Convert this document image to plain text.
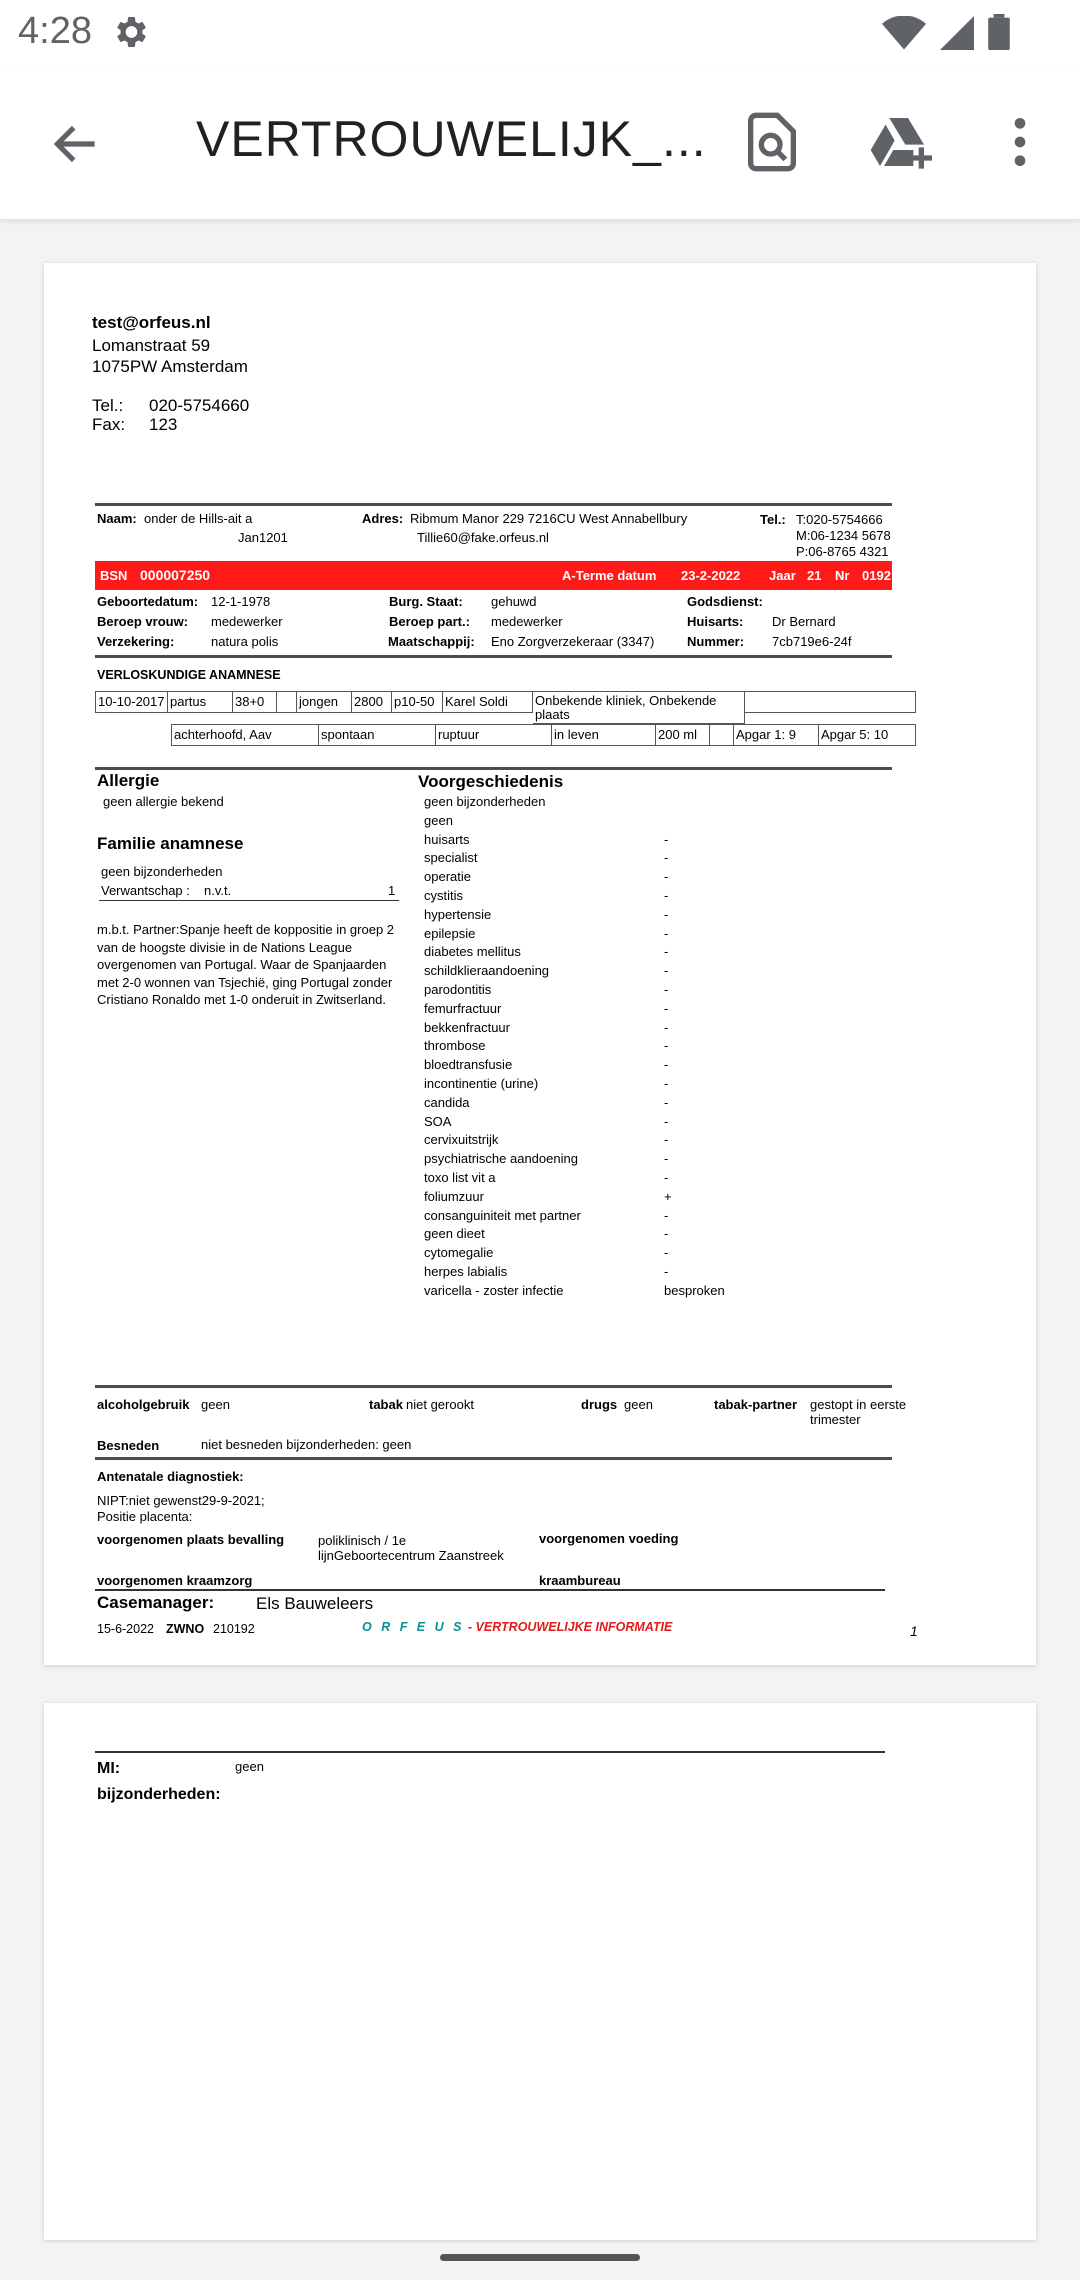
4:28
VERTROUWELIJK_...
test@orfeus.nl
Lomanstraat 59
1075PW Amsterdam
Tel.: 020-5754660
Fax: 123
Naam: onder de Hills-ait a
Jan1201
Adres: Ribmum Manor 229 7216CU West Annabellbury
Tillie60@fake.orfeus.nl
Tel.: T:020-5754666
M:06-1234 5678
P:06-8765 4321
BSN 000007250	A-Terme datum 23-2-2022 Jaar 21 Nr 0192
Geboortedatum: 12-1-1978	Burg. Staat: gehuwd	Godsdienst:
Beroep vrouw: medewerker	Beroep part.: medewerker	Huisarts: Dr Bernard
Verzekering:	natura polis	Maatschappij: Eno Zorgverzekeraar (3347)	Nummer: 7cb719e6-24f
VERLOSKUNDIGE ANAMNESE
10-10-2017 partus	38+0	jongen	2800 p10-50 Karel Soldi	Onbekende kliniek, Onbekende plaats
achterhoofd, Aav	spontaan	ruptuur	in leven	200 ml	Apgar 1: 9	Apgar 5: 10
Allergie
geen allergie bekend
Familie anamnese
geen bijzonderheden
Verwantschap : n.v.t.	1
m.b.t. Partner:Spanje heeft de koppositie in groep 2
van de hoogste divisie in de Nations League
overgenomen van Portugal. Waar de Spanjaarden
met 2-0 wonnen van Tsjechië, ging Portugal zonder
Cristiano Ronaldo met 1-0 onderuit in Zwitserland.
Voorgeschiedenis
geen bijzonderheden
geen
huisarts	-
specialist	-
operatie	-
cystitis	-
hypertensie	-
epilepsie	-
diabetes mellitus	-
schildklieraandoening	-
parodontitis	-
femurfractuur	-
bekkenfractuur	-
thrombose	-
bloedtransfusie	-
incontinentie (urine)	-
candida	-
SOA	-
cervixuitstrijk	-
psychiatrische aandoening	-
toxo list vit a	-
foliumzuur	+
consanguiniteit met partner	-
geen dieet	-
cytomegalie	-
herpes labialis	-
varicella - zoster infectie	besproken
alcoholgebruik geen	tabak niet gerookt	drugs geen	tabak-partner gestopt in eerste
trimester
Besneden	niet besneden bijzonderheden: geen
Antenatale diagnostiek:
NIPT:niet gewenst29-9-2021;
Positie placenta:
voorgenomen plaats bevalling	poliklinisch / 1e
lijnGeboortecentrum Zaanstreek
voorgenomen voeding
voorgenomen kraamzorg	kraambureau
Casemanager: Els Bauweleers
15-6-2022 ZWNO 210192	O R F E U S - VERTROUWELIJKE INFORMATIE	1
MI:	geen
bijzonderheden:
